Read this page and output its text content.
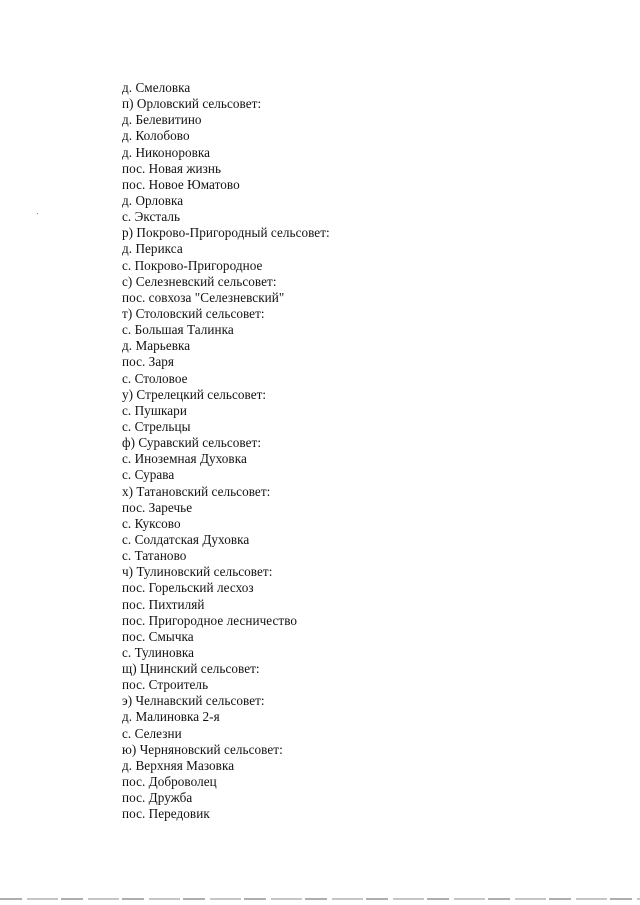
д. Смеловка
п) Орловский сельсовет:
д. Белевитино
д. Колобово
д. Никоноровка
пос. Новая жизнь
пос. Новое Юматово
д. Орловка
с. Эксталь
р) Покрово-Пригородный сельсовет:
д. Перикса
с. Покрово-Пригородное
с) Селезневский сельсовет:
пос. совхоза "Селезневский"
т) Столовский сельсовет:
с. Большая Талинка
д. Марьевка
пос. Заря
с. Столовое
у) Стрелецкий сельсовет:
с. Пушкари
с. Стрельцы
ф) Суравский сельсовет:
с. Иноземная Духовка
с. Сурава
х) Татановский сельсовет:
пос. Заречье
с. Куксово
с. Солдатская Духовка
с. Татаново
ч) Тулиновский сельсовет:
пос. Горельский лесхоз
пос. Пихтиляй
пос. Пригородное лесничество
пос. Смычка
с. Тулиновка
щ) Цнинский сельсовет:
пос. Строитель
э) Челнавский сельсовет:
д. Малиновка 2-я
с. Селезни
ю) Черняновский сельсовет:
д. Верхняя Мазовка
пос. Доброволец
пос. Дружба
пос. Передовик
